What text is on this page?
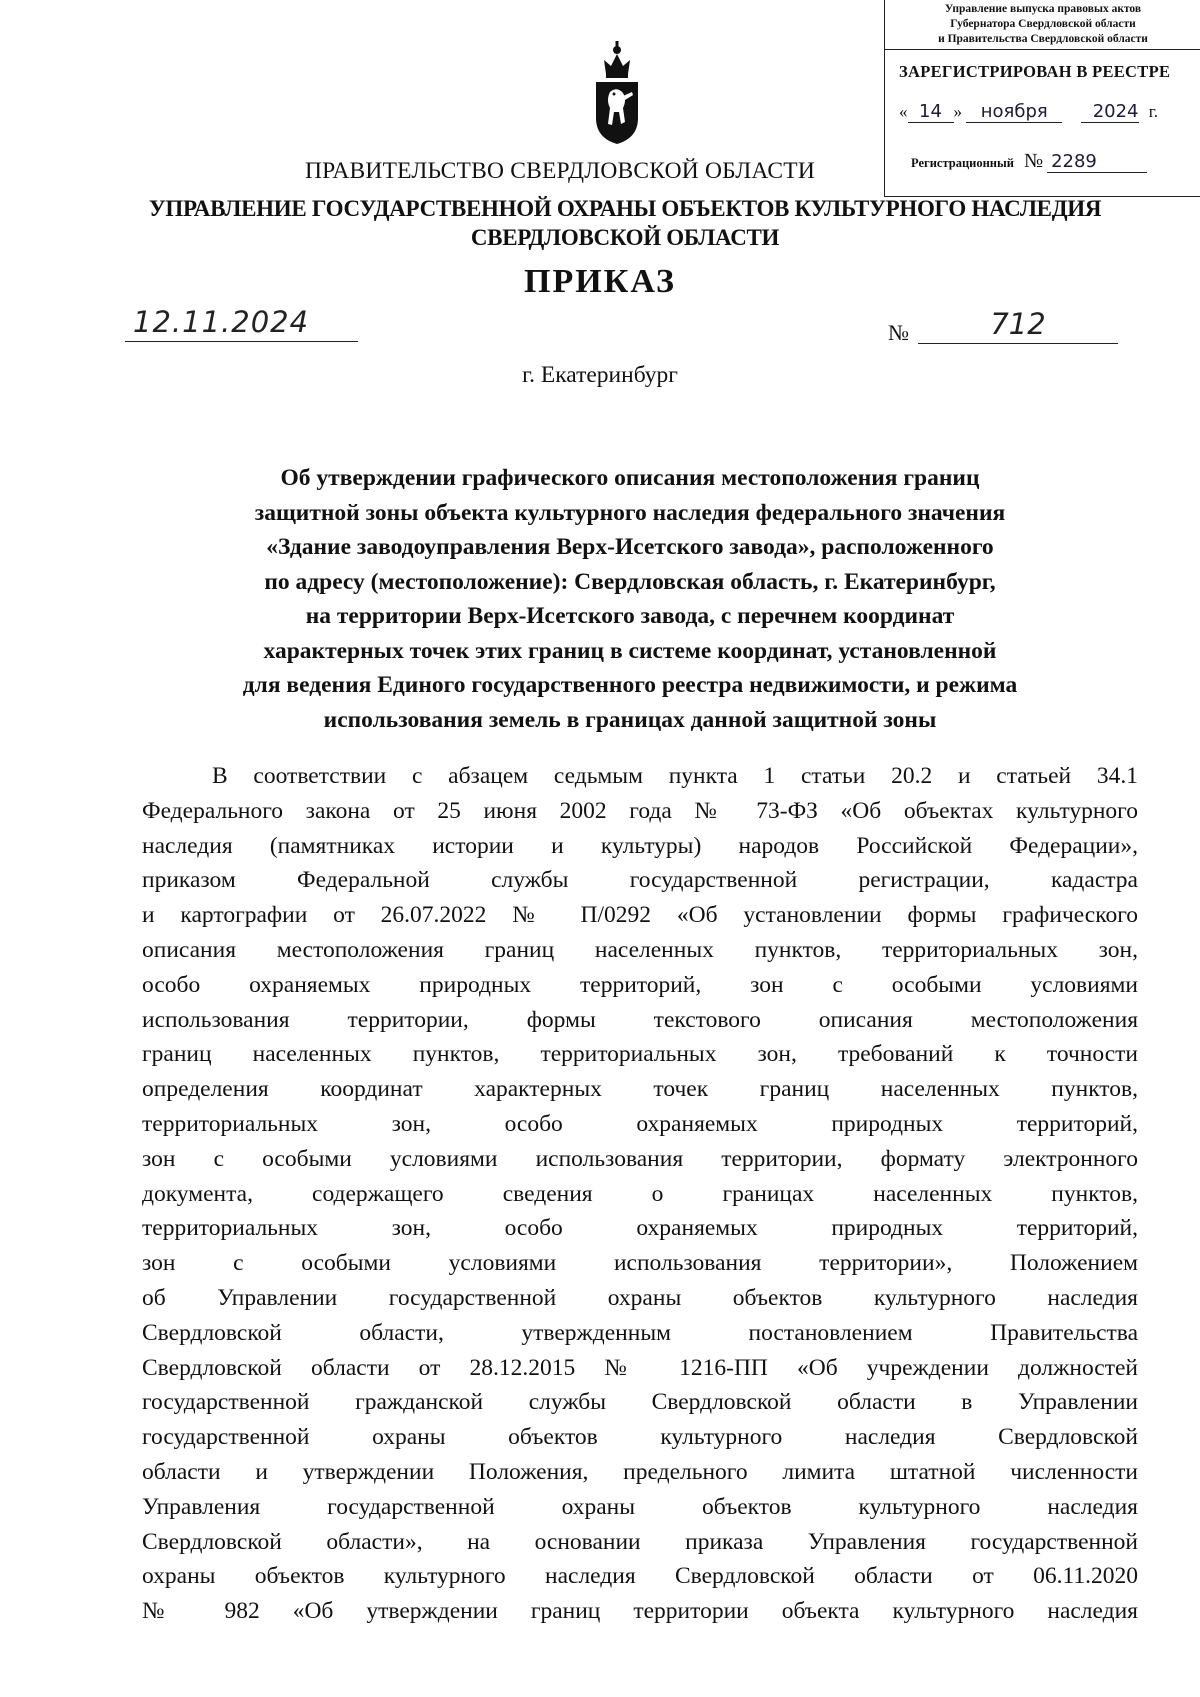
Управление выпуска правовых актов
Губернатора Свердловской области
и Правительства Свердловской области
ЗАРЕГИСТРИРОВАН В РЕЕСТРЕ
« 14 » ноября 2024 г.
Регистрационный № 2289
ПРАВИТЕЛЬСТВО СВЕРДЛОВСКОЙ ОБЛАСТИ
УПРАВЛЕНИЕ ГОСУДАРСТВЕННОЙ ОХРАНЫ ОБЪЕКТОВ КУЛЬТУРНОГО НАСЛЕДИЯ
СВЕРДЛОВСКОЙ ОБЛАСТИ
ПРИКАЗ
12.11.2024	№	712
г. Екатеринбург
Об утверждении графического описания местоположения границ
защитной зоны объекта культурного наследия федерального значения
«Здание заводоуправления Верх-Исетского завода», расположенного
по адресу (местоположение): Свердловская область, г. Екатеринбург,
на территории Верх-Исетского завода, с перечнем координат
характерных точек этих границ в системе координат, установленной
для ведения Единого государственного реестра недвижимости, и режима
использования земель в границах данной защитной зоны
В соответствии с абзацем седьмым пункта 1 статьи 20.2 и статьей 34.1
Федерального закона от 25 июня 2002 года № 73-ФЗ «Об объектах культурного
наследия (памятниках истории и культуры) народов Российской Федерации»,
приказом Федеральной службы государственной регистрации, кадастра
и картографии от 26.07.2022 № П/0292 «Об установлении формы графического
описания местоположения границ населенных пунктов, территориальных зон,
особо охраняемых природных территорий, зон с особыми условиями
использования территории, формы текстового описания местоположения
границ населенных пунктов, территориальных зон, требований к точности
определения координат характерных точек границ населенных пунктов,
территориальных зон, особо охраняемых природных территорий,
зон с особыми условиями использования территории, формату электронного
документа, содержащего сведения о границах населенных пунктов,
территориальных зон, особо охраняемых природных территорий,
зон с особыми условиями использования территории», Положением
об Управлении государственной охраны объектов культурного наследия
Свердловской области, утвержденным постановлением Правительства
Свердловской области от 28.12.2015 № 1216-ПП «Об учреждении должностей
государственной гражданской службы Свердловской области в Управлении
государственной охраны объектов культурного наследия Свердловской
области и утверждении Положения, предельного лимита штатной численности
Управления государственной охраны объектов культурного наследия
Свердловской области», на основании приказа Управления государственной
охраны объектов культурного наследия Свердловской области от 06.11.2020
№ 982 «Об утверждении границ территории объекта культурного наследия
